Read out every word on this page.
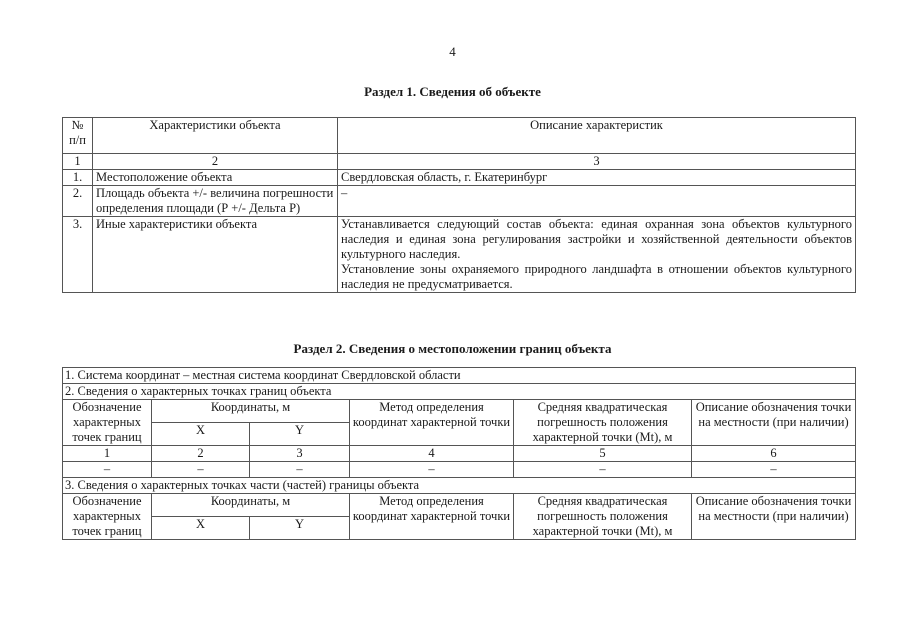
4
Раздел 1. Сведения об объекте
№ п/п	Характеристики объекта	Описание характеристик
1	2	3
1.	Местоположение объекта	Свердловская область, г. Екатеринбург
2.	Площадь объекта +/- величина погрешности определения площади (Р +/- Дельта Р)	–
3.	Иные характеристики объекта	Устанавливается следующий состав объекта: единая охранная зона объектов культурного наследия и единая зона регулирования застройки и хозяйственной деятельности объектов культурного наследия.
Установление зоны охраняемого природного ландшафта в отношении объектов культурного наследия не предусматривается.
Раздел 2. Сведения о местоположении границ объекта
1. Система координат – местная система координат Свердловской области					
2. Сведения о характерных точках границ объекта					
Обозначение характерных точек границ	Координаты, м		Метод определения координат характерной точки	Средняя квадратическая погрешность положения характерной точки (Mt), м	Описание обозначения точки на местности (при наличии)
	X	Y			
1	2	3	4	5	6
–	–	–	–	–	–
3. Сведения о характерных точках части (частей) границы объекта					
Обозначение характерных точек границ	Координаты, м		Метод определения координат характерной точки	Средняя квадратическая погрешность положения характерной точки (Mt), м	Описание обозначения точки на местности (при наличии)
	X	Y			
